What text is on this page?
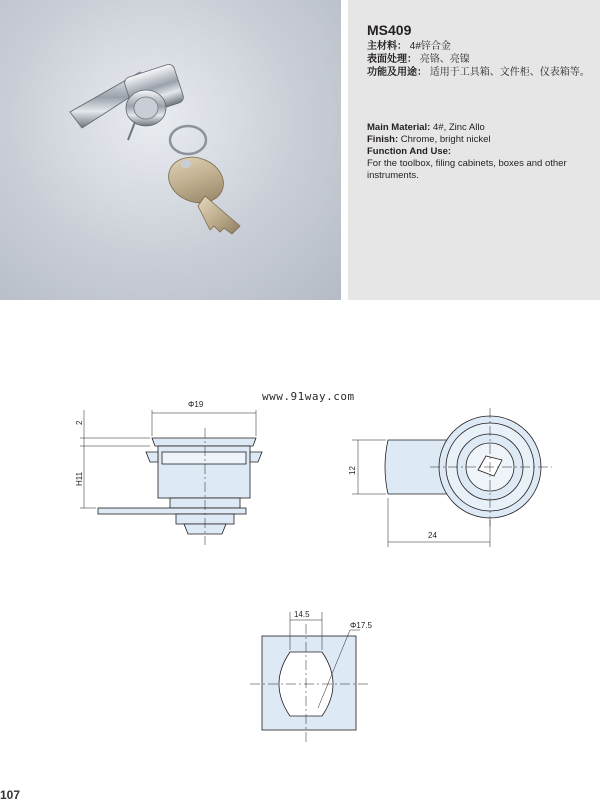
MS409
主材料： 4#锌合金
表面处理： 亮铬、亮镍
功能及用途： 适用于工具箱、文件柜、仪表箱等。
Main Material: 4#, Zinc Allo
Finish: Chrome, bright nickel
Function And Use:
For the toolbox, filing cabinets, boxes and other instruments.
www.91way.com
Φ19
2
H11
12
24
14.5
Φ17.5
107
